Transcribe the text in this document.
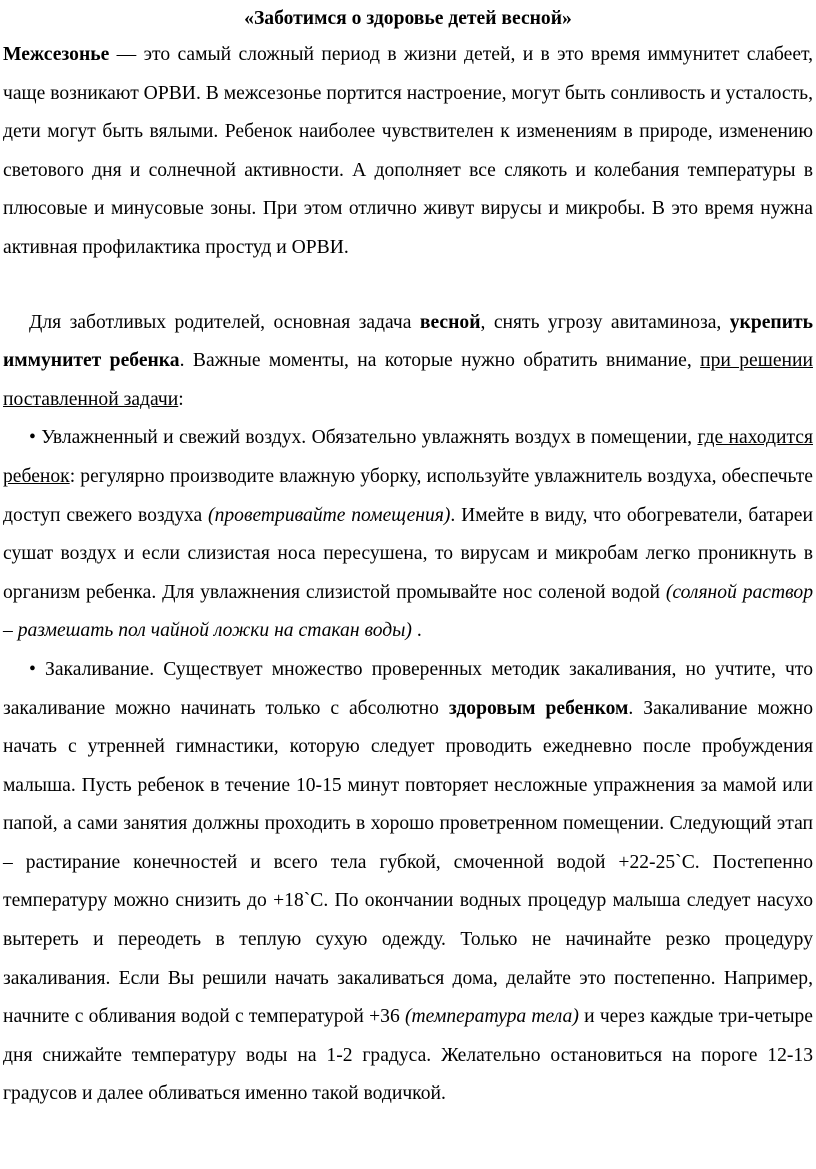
«Заботимся о здоровье детей весной»

Межсезонье — это самый сложный период в жизни детей, и в это время иммунитет слабеет, чаще возникают ОРВИ. В межсезонье портится настроение, могут быть сонливость и усталость, дети могут быть вялыми. Ребенок наиболее чувствителен к изменениям в природе, изменению светового дня и солнечной активности. А дополняет все слякоть и колебания температуры в плюсовые и минусовые зоны. При этом отлично живут вирусы и микробы. В это время нужна активная профилактика простуд и ОРВИ.

Для заботливых родителей, основная задача весной, снять угрозу авитаминоза, укрепить иммунитет ребенка. Важные моменты, на которые нужно обратить внимание, при решении поставленной задачи:

• Увлажненный и свежий воздух. Обязательно увлажнять воздух в помещении, где находится ребенок: регулярно производите влажную уборку, используйте увлажнитель воздуха, обеспечьте доступ свежего воздуха (проветривайте помещения). Имейте в виду, что обогреватели, батареи сушат воздух и если слизистая носа пересушена, то вирусам и микробам легко проникнуть в организм ребенка. Для увлажнения слизистой промывайте нос соленой водой (соляной раствор – размешать пол чайной ложки на стакан воды) .

• Закаливание. Существует множество проверенных методик закаливания, но учтите, что закаливание можно начинать только с абсолютно здоровым ребенком. Закаливание можно начать с утренней гимнастики, которую следует проводить ежедневно после пробуждения малыша. Пусть ребенок в течение 10-15 минут повторяет несложные упражнения за мамой или папой, а сами занятия должны проходить в хорошо проветренном помещении. Следующий этап – растирание конечностей и всего тела губкой, смоченной водой +22-25`С. Постепенно температуру можно снизить до +18`С. По окончании водных процедур малыша следует насухо вытереть и переодеть в теплую сухую одежду. Только не начинайте резко процедуру закаливания. Если Вы решили начать закаливаться дома, делайте это постепенно. Например, начните с обливания водой с температурой +36 (температура тела) и через каждые три-четыре дня снижайте температуру воды на 1-2 градуса. Желательно остановиться на пороге 12-13 градусов и далее обливаться именно такой водичкой.
